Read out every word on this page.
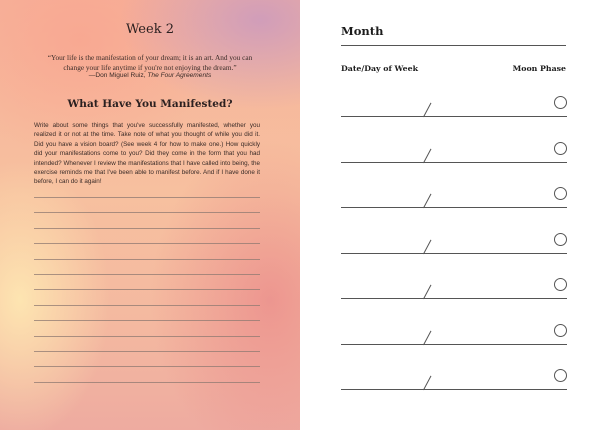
Week 2
“Your life is the manifestation of your dream; it is an art. And you can change your life anytime if you're not enjoying the dream.”
—Don Miguel Ruiz, The Four Agreements
What Have You Manifested?
Write about some things that you've successfully manifested, whether you realized it or not at the time. Take note of what you thought of while you did it. Did you have a vision board? (See week 4 for how to make one.) How quickly did your manifestations come to you? Did they come in the form that you had intended? Whenever I review the manifestations that I have called into being, the exercise reminds me that I've been able to manifest before. And if I have done it before, I can do it again!
Month
Date/Day of Week	Moon Phase
